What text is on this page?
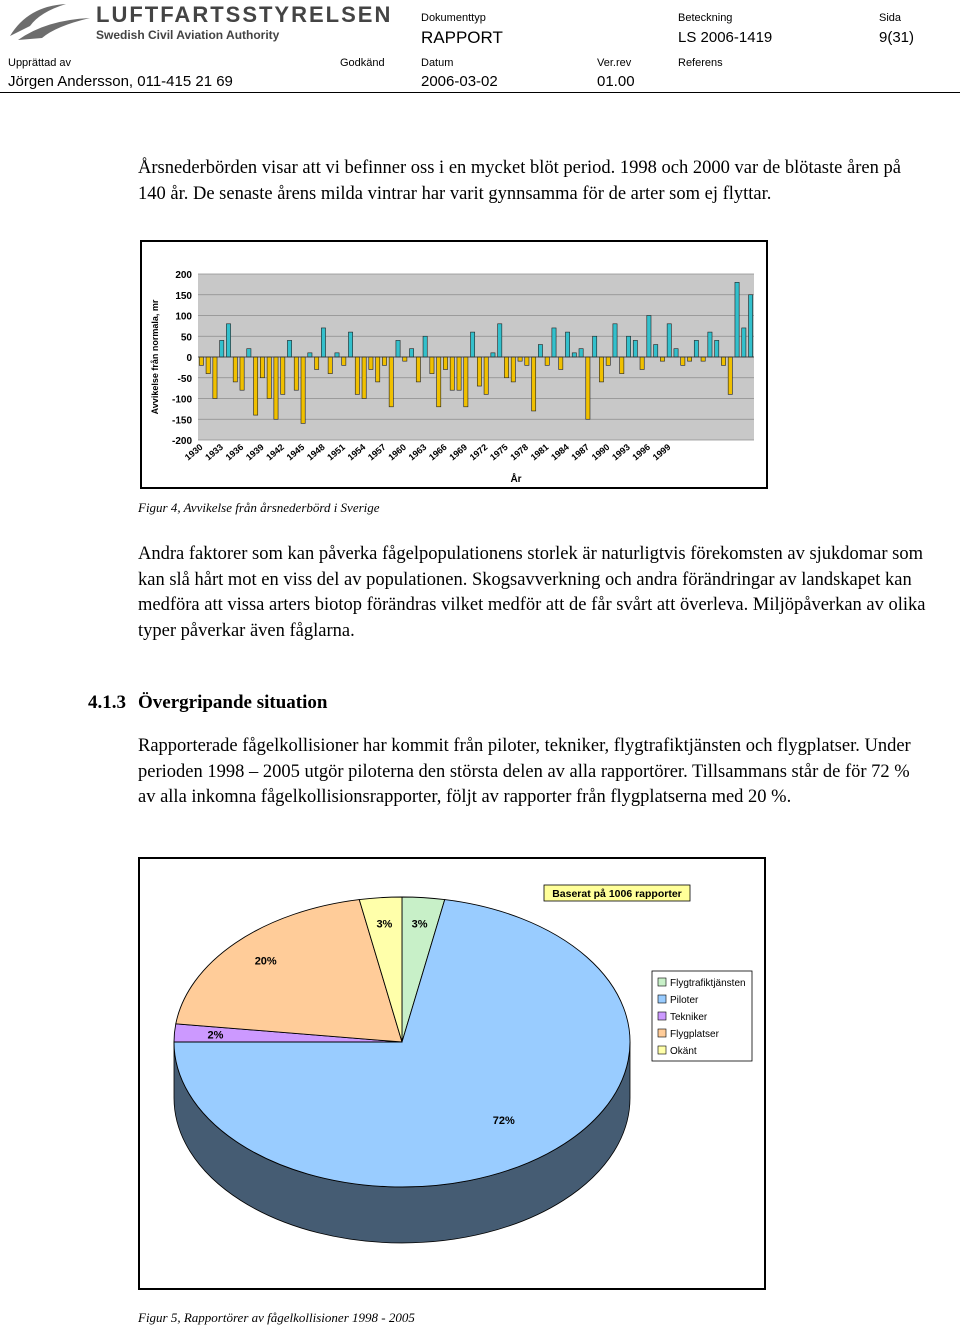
LUFTFARTSSTYRELSEN
Swedish Civil Aviation Authority
Dokumenttyp
RAPPORT
Beteckning
LS 2006-1419
Sida
9(31)
Upprättad av
Jörgen Andersson, 011-415 21 69
Godkänd	Datum
2006-03-02
Ver.rev
01.00
Referens

Årsnederbörden visar att vi befinner oss i en mycket blöt period. 1998 och 2000 var de blötaste åren på 140 år. De senaste årens milda vintrar har varit gynnsamma för de arter som ej flyttar.

200
150
100
50
0
-50
-100
-150
-200
1930
1933
1936
1939
1942
1945
1948
1951
1954
1957
1960
1963
1966
1969
1972
1975
1978
1981
1984
1987
1990
1993
1996
1999
Avvikelse från normala, mr
År
Figur 4, Avvikelse från årsnederbörd i Sverige

Andra faktorer som kan påverka fågelpopulationens storlek är naturligtvis förekomsten av sjukdomar som kan slå hårt mot en viss del av populationen. Skogsavverkning och andra förändringar av landskapet kan medföra att vissa arters biotop förändras vilket medför att de får svårt att överleva. Miljöpåverkan av olika typer påverkar även fåglarna.

4.1.3 Övergripande situation

Rapporterade fågelkollisioner har kommit från piloter, tekniker, flygtrafiktjänsten och flygplatser. Under perioden 1998 – 2005 utgör piloterna den största delen av alla rapportörer. Tillsammans står de för 72 % av alla inkomna fågelkollisionsrapporter, följt av rapporter från flygplatserna med 20 %.

3%
72%
2%
20%
3%
Baserat på 1006 rapporter
Flygtrafiktjänsten
Piloter
Tekniker
Flygplatser
Okänt
Figur 5, Rapportörer av fågelkollisioner 1998 - 2005
